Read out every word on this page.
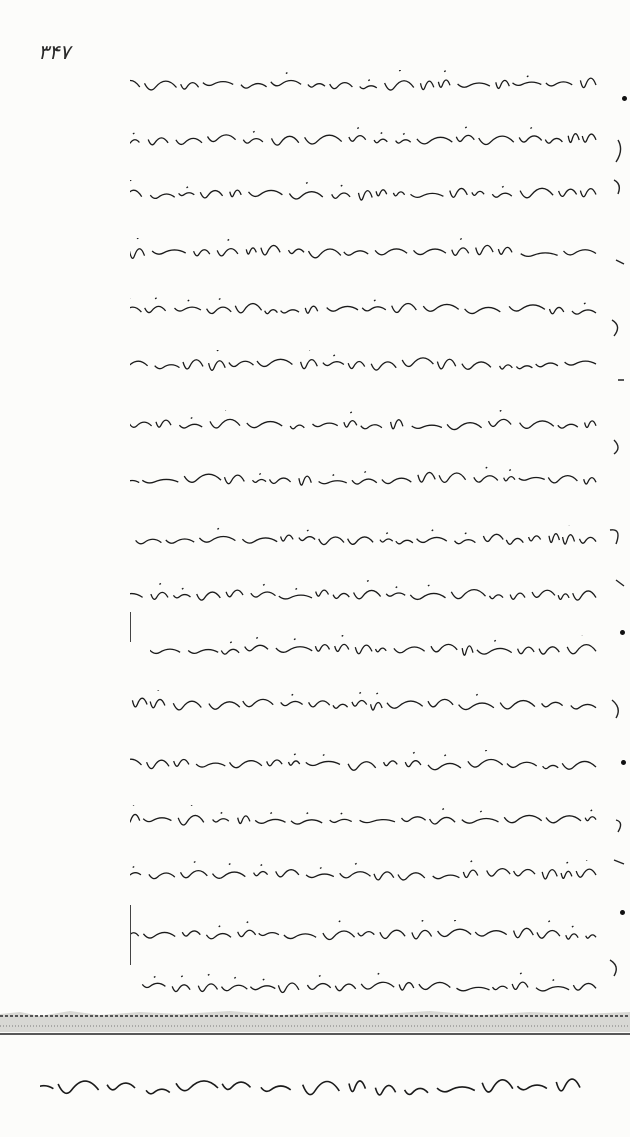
۳۴۷
